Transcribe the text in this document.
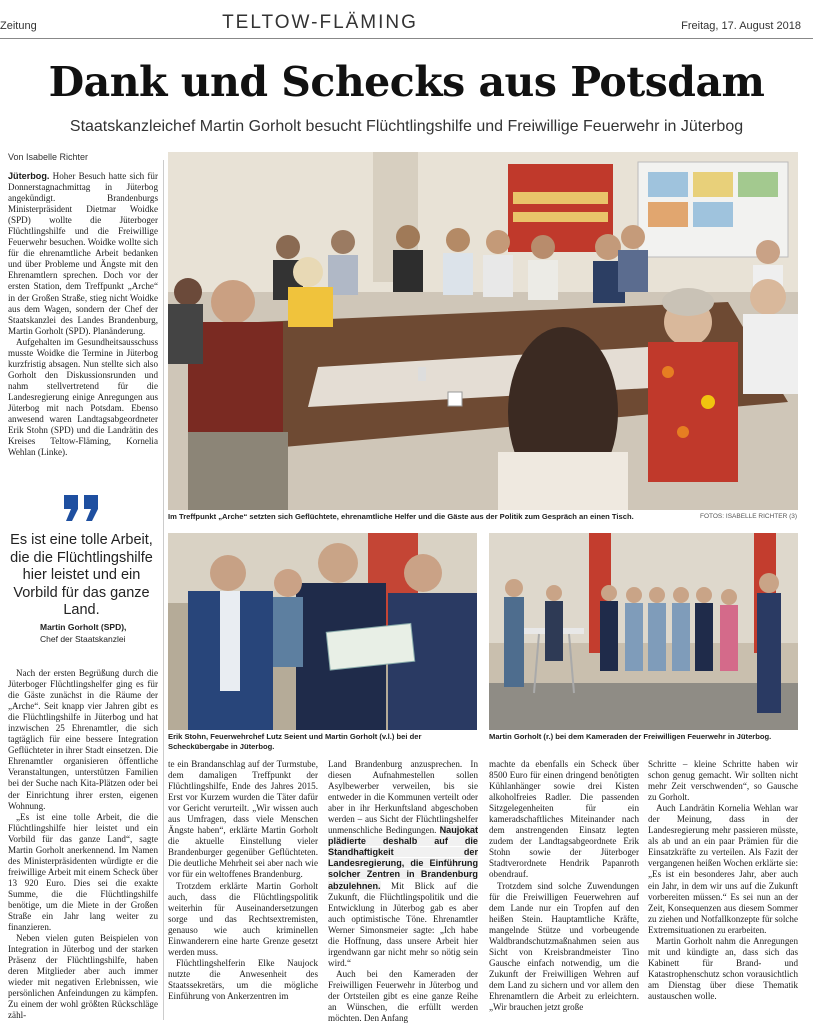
Zeitung	TELTOW-FLÄMING	Freitag, 17. August 2018
Dank und Schecks aus Potsdam
Staatskanzleichef Martin Gorholt besucht Flüchtlingshilfe und Freiwillige Feuerwehr in Jüterbog
Von Isabelle Richter
Im Treffpunkt „Arche“ setzten sich Geflüchtete, ehrenamtliche Helfer und die Gäste aus der Politik zum Gespräch an einen Tisch.	FOTOS: ISABELLE RICHTER (3)
Erik Stohn, Feuerwehrchef Lutz Seient und Martin Gorholt (v.l.) bei der Scheckübergabe in Jüterbog.
Martin Gorholt (r.) bei dem Kameraden der Freiwilligen Feuerwehr in Jüterbog.

Jüterbog. Hoher Besuch hatte sich für Donnerstagnachmittag in Jüterbog angekündigt. Brandenburgs Ministerpräsident Dietmar Woidke (SPD) wollte die Jüterboger Flüchtlingshilfe und die Freiwillige Feuerwehr besuchen. Woidke wollte sich für die ehrenamtliche Arbeit bedanken und über Probleme und Ängste mit den Ehrenamtlern sprechen. Doch vor der ersten Station, dem Treffpunkt „Arche“ in der Großen Straße, stieg nicht Woidke aus dem Wagen, sondern der Chef der Staatskanzlei des Landes Brandenburg, Martin Gorholt (SPD). Planänderung.

Aufgehalten im Gesundheitsausschuss musste Woidke die Termine in Jüterbog kurzfristig absagen. Nun stellte sich also Gorholt den Diskussionsrunden und nahm stellvertretend für die Landesregierung einige Anregungen aus Jüterbog mit nach Potsdam. Ebenso anwesend waren Landtagsabgeordneter Erik Stohn (SPD) und die Landrätin des Kreises Teltow-Fläming, Kornelia Wehlan (Linke).

Es ist eine tolle Arbeit, die die Flüchtlingshilfe hier leistet und ein Vorbild für das ganze Land.
Martin Gorholt (SPD),
Chef der Staatskanzlei

Nach der ersten Begrüßung durch die Jüterboger Flüchtlingshelfer ging es für die Gäste zunächst in die Räume der „Arche“. Seit knapp vier Jahren gibt es die Flüchtlingshilfe in Jüterbog und hat inzwischen 25 Ehrenamtler, die sich tagtäglich für eine bessere Integration Geflüchteter in ihrer Stadt einsetzen. Die Ehrenamtler organisieren öffentliche Veranstaltungen, unterstützen Familien bei der Suche nach Kita-Plätzen oder bei der Einrichtung ihrer ersten, eigenen Wohnung.

„Es ist eine tolle Arbeit, die die Flüchtlingshilfe hier leistet und ein Vorbild für das ganze Land“, sagte Martin Gorholt anerkennend. Im Namen des Ministerpräsidenten würdigte er die freiwillige Arbeit mit einem Scheck über 13 920 Euro. Dies sei die exakte Summe, die die Flüchtlingshilfe benötige, um die Miete in der Großen Straße ein Jahr lang weiter zu finanzieren.

Neben vielen guten Beispielen von Integration in Jüterbog und der starken Präsenz der Flüchtlingshilfe, haben deren Mitglieder aber auch immer wieder mit negativen Erlebnissen, wie persönlichen Anfeindungen zu kämpfen. Zu einem der wohl größten Rückschläge zähl-

te ein Brandanschlag auf der Turmstube, dem damaligen Treffpunkt der Flüchtlingshilfe, Ende des Jahres 2015. Erst vor Kurzem wurden die Täter dafür vor Gericht verurteilt. „Wir wissen auch aus Umfragen, dass viele Menschen Ängste haben“, erklärte Martin Gorholt die aktuelle Einstellung vieler Brandenburger gegenüber Geflüchteten. Die deutliche Mehrheit sei aber nach wie vor für ein weltoffenes Brandenburg.

Trotzdem erklärte Martin Gorholt auch, dass die Flüchtlingspolitik weiterhin für Auseinandersetzungen sorge und das Rechtsextremisten, genauso wie auch kriminellen Einwanderern eine harte Grenze gesetzt werden muss.

Flüchtlingshelferin Elke Naujock nutzte die Anwesenheit des Staatssekretärs, um die mögliche Einführung von Ankerzentren im

Land Brandenburg anzusprechen. In diesen Aufnahmestellen sollen Asylbewerber verweilen, bis sie entweder in die Kommunen verteilt oder aber in ihr Herkunftsland abgeschoben werden – aus Sicht der Flüchtlingshelfer unmenschliche Bedingungen. Naujokat plädierte deshalb auf die Standhaftigkeit der Landesregierung, die Einführung solcher Zentren in Brandenburg abzulehnen. Mit Blick auf die Zukunft, die Flüchtlingspolitik und die Entwicklung in Jüterbog gab es aber auch optimistische Töne. Ehrenamtler Werner Simonsmeier sagte: „Ich habe die Hoffnung, dass unsere Arbeit hier irgendwann gar nicht mehr so nötig sein wird.“

Auch bei den Kameraden der Freiwilligen Feuerwehr in Jüterbog und der Ortsteilen gibt es eine ganze Reihe an Wünschen, die erfüllt werden möchten. Den Anfang

machte da ebenfalls ein Scheck über 8500 Euro für einen dringend benötigten Kühlanhänger sowie drei Kisten alkoholfreies Radler. Die passenden Sitzgelegenheiten für ein kameradschaftliches Miteinander nach dem anstrengenden Einsatz legten zudem der Landtagsabgeordnete Erik Stohn sowie der Jüterboger Stadtverordnete Hendrik Papanroth obendrauf.

Trotzdem sind solche Zuwendungen für die Freiwilligen Feuerwehren auf dem Lande nur ein Tropfen auf den heißen Stein. Hauptamtliche Kräfte, mangelnde Stütze und vorbeugende Waldbrandschutzmaßnahmen seien aus Sicht von Kreisbrandmeister Tino Gausche einfach notwendig, um die Zukunft der Freiwilligen Wehren auf dem Land zu sichern und vor allem den Ehrenamtlern die Arbeit zu erleichtern. „Wir brauchen jetzt große

Schritte – kleine Schritte haben wir schon genug gemacht. Wir sollten nicht mehr Zeit verschwenden“, so Gausche zu Gorholt.

Auch Landrätin Kornelia Wehlan war der Meinung, dass in der Landesregierung mehr passieren müsste, als ab und an ein paar Prämien für die Einsatzkräfte zu verteilen. Als Fazit der vergangenen heißen Wochen erklärte sie: „Es ist ein besonderes Jahr, aber auch ein Jahr, in dem wir uns auf die Zukunft vorbereiten müssen.“ Es sei nun an der Zeit, Konsequenzen aus diesem Sommer zu ziehen und Notfallkonzepte für solche Extremsituationen zu erarbeiten.

Martin Gorholt nahm die Anregungen mit und kündigte an, dass sich das Kabinett für Brand- und Katastrophenschutz schon vorausichtlich am Dienstag über diese Thematik austauschen wolle.
